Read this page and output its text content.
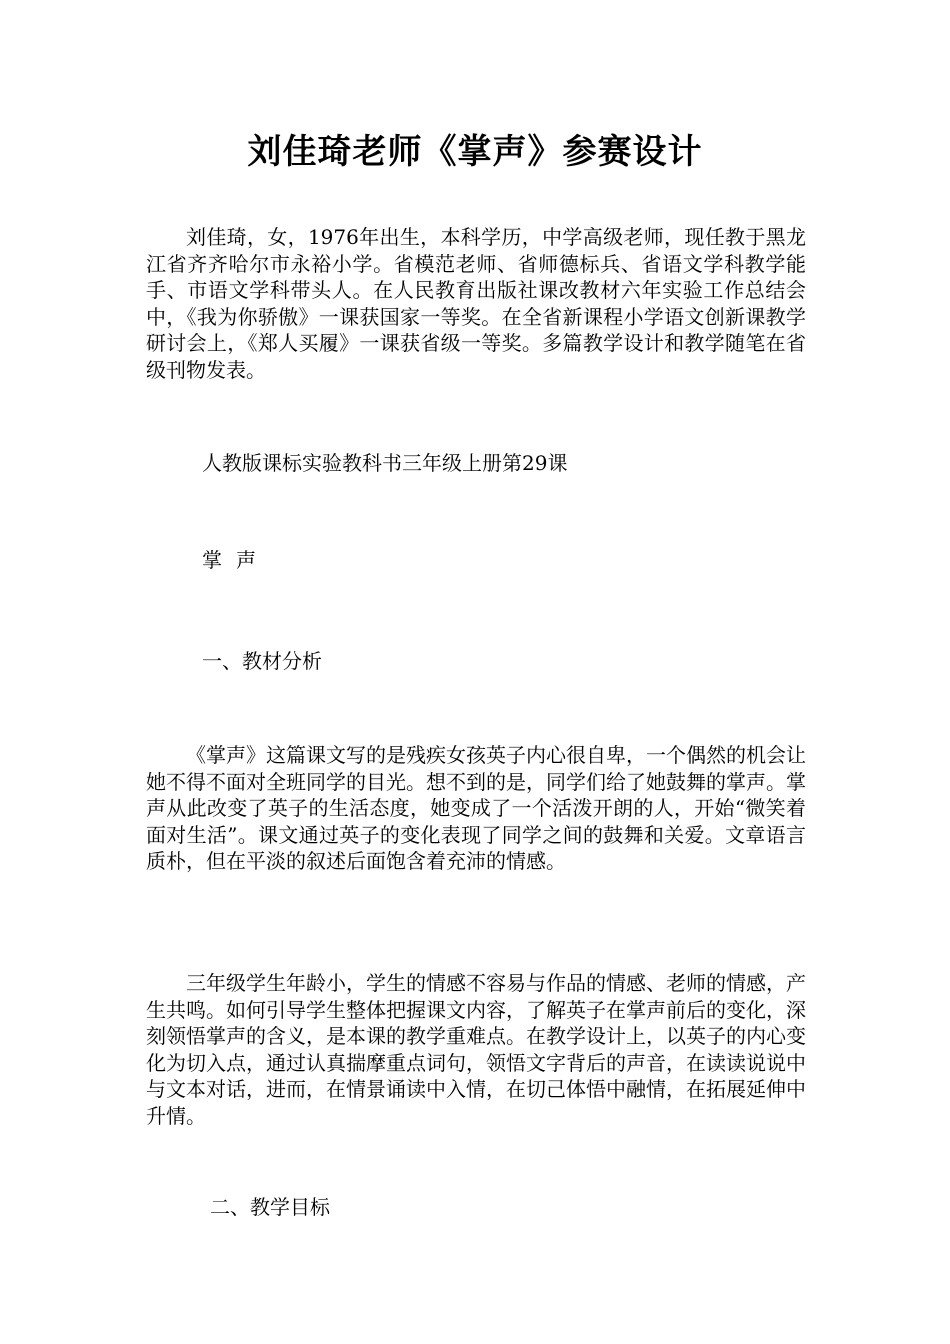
刘佳琦老师《掌声》参赛设计

刘佳琦，女，1976年出生，本科学历，中学高级老师，现任教于黑龙江省齐齐哈尔市永裕小学。省模范老师、省师德标兵、省语文学科教学能手、市语文学科带头人。在人民教育出版社课改教材六年实验工作总结会中，《我为你骄傲》一课获国家一等奖。在全省新课程小学语文创新课教学研讨会上，《郑人买履》一课获省级一等奖。多篇教学设计和教学随笔在省级刊物发表。

人教版课标实验教科书三年级上册第29课

掌声

一、教材分析

《掌声》这篇课文写的是残疾女孩英子内心很自卑，一个偶然的机会让她不得不面对全班同学的目光。想不到的是，同学们给了她鼓舞的掌声。掌声从此改变了英子的生活态度，她变成了一个活泼开朗的人，开始“微笑着面对生活”。课文通过英子的变化表现了同学之间的鼓舞和关爱。文章语言质朴，但在平淡的叙述后面饱含着充沛的情感。

三年级学生年龄小，学生的情感不容易与作品的情感、老师的情感，产生共鸣。如何引导学生整体把握课文内容，了解英子在掌声前后的变化，深刻领悟掌声的含义，是本课的教学重难点。在教学设计上，以英子的内心变化为切入点，通过认真揣摩重点词句，领悟文字背后的声音，在读读说说中与文本对话，进而，在情景诵读中入情，在切己体悟中融情，在拓展延伸中升情。

二、教学目标
